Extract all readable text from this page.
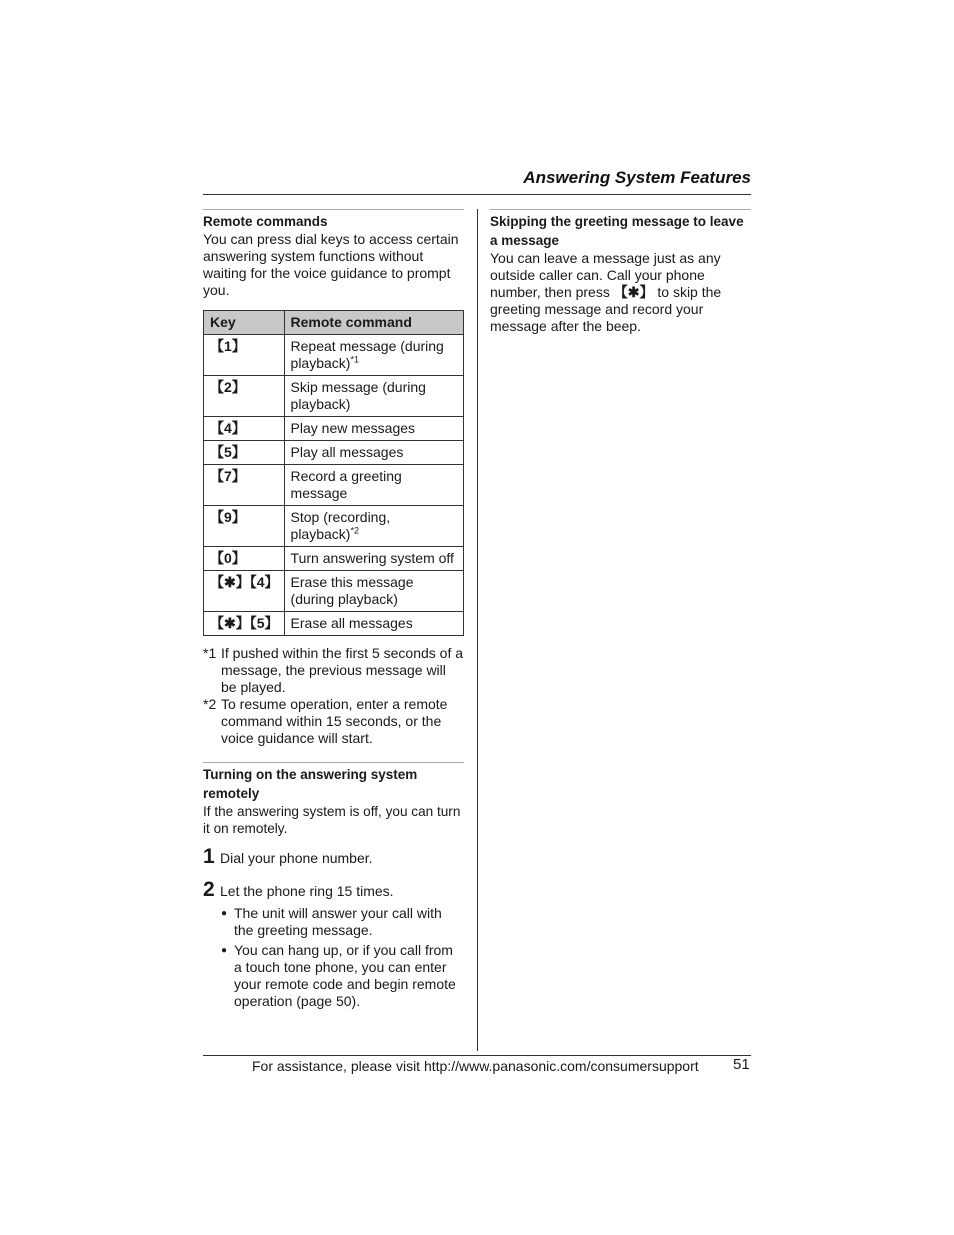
Answering System Features
Remote commands

You can press dial keys to access certain answering system functions without waiting for the voice guidance to prompt you.

Key	Remote command
【1】	Repeat message (during playback)$^{*1}$
【2】	Skip message (during playback)
【4】	Play new messages
【5】	Play all messages
【7】	Record a greeting message
【9】	Stop (recording, playback)$^{*2}$
【0】	Turn answering system off
【✱】【4】	Erase this message (during playback)
【✱】【5】	Erase all messages
*1 If pushed within the first 5 seconds of a message, the previous message will be played.
*2 To resume operation, enter a remote command within 15 seconds, or the voice guidance will start.
Turning on the answering system remotely

If the answering system is off, you can turn it on remotely.

1 Dial your phone number.
2 Let the phone ring 15 times.
● The unit will answer your call with the greeting message.
● You can hang up, or if you call from a touch tone phone, you can enter your remote code and begin remote operation (page 50).
Skipping the greeting message to leave a message

You can leave a message just as any outside caller can. Call your phone number, then press 【✱】 to skip the greeting message and record your message after the beep.

For assistance, please visit http://www.panasonic.com/consumersupport 51
